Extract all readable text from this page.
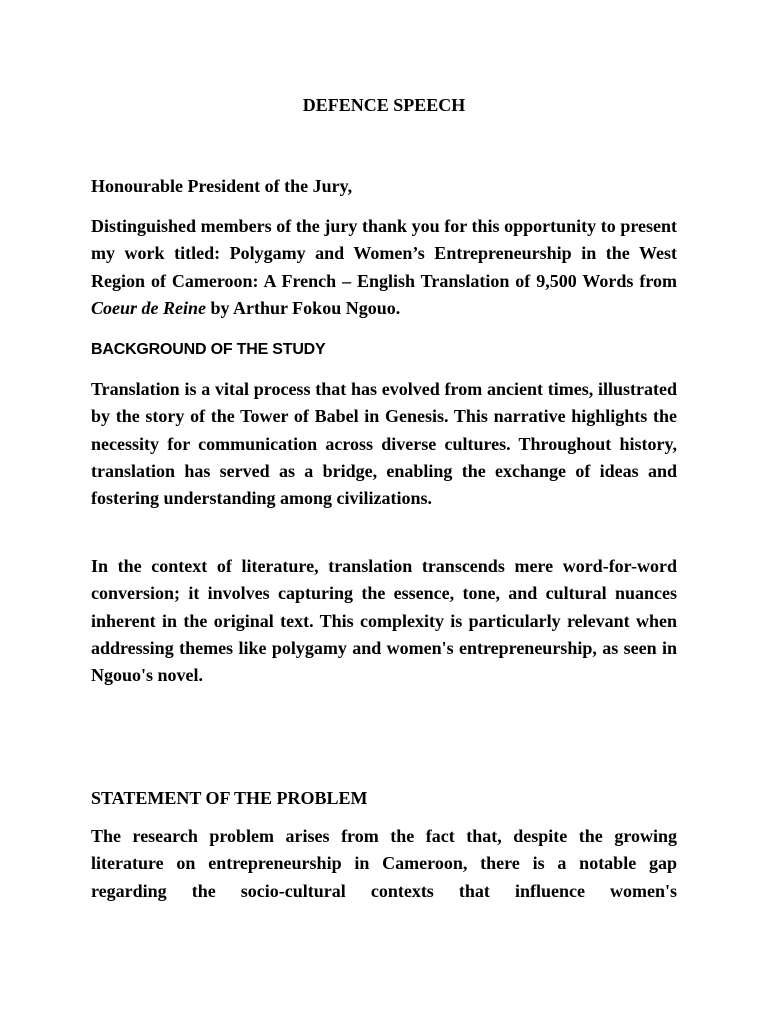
DEFENCE SPEECH

Honourable President of the Jury,

Distinguished members of the jury thank you for this opportunity to present my work titled: Polygamy and Women’s Entrepreneurship in the West Region of Cameroon: A French – English Translation of 9,500 Words from Coeur de Reine by Arthur Fokou Ngouo.

BACKGROUND OF THE STUDY

Translation is a vital process that has evolved from ancient times, illustrated by the story of the Tower of Babel in Genesis. This narrative highlights the necessity for communication across diverse cultures. Throughout history, translation has served as a bridge, enabling the exchange of ideas and fostering understanding among civilizations.

In the context of literature, translation transcends mere word-for-word conversion; it involves capturing the essence, tone, and cultural nuances inherent in the original text. This complexity is particularly relevant when addressing themes like polygamy and women's entrepreneurship, as seen in Ngouo's novel.

STATEMENT OF THE PROBLEM

The research problem arises from the fact that, despite the growing literature on entrepreneurship in Cameroon, there is a notable gap regarding the socio-cultural contexts that influence women's
